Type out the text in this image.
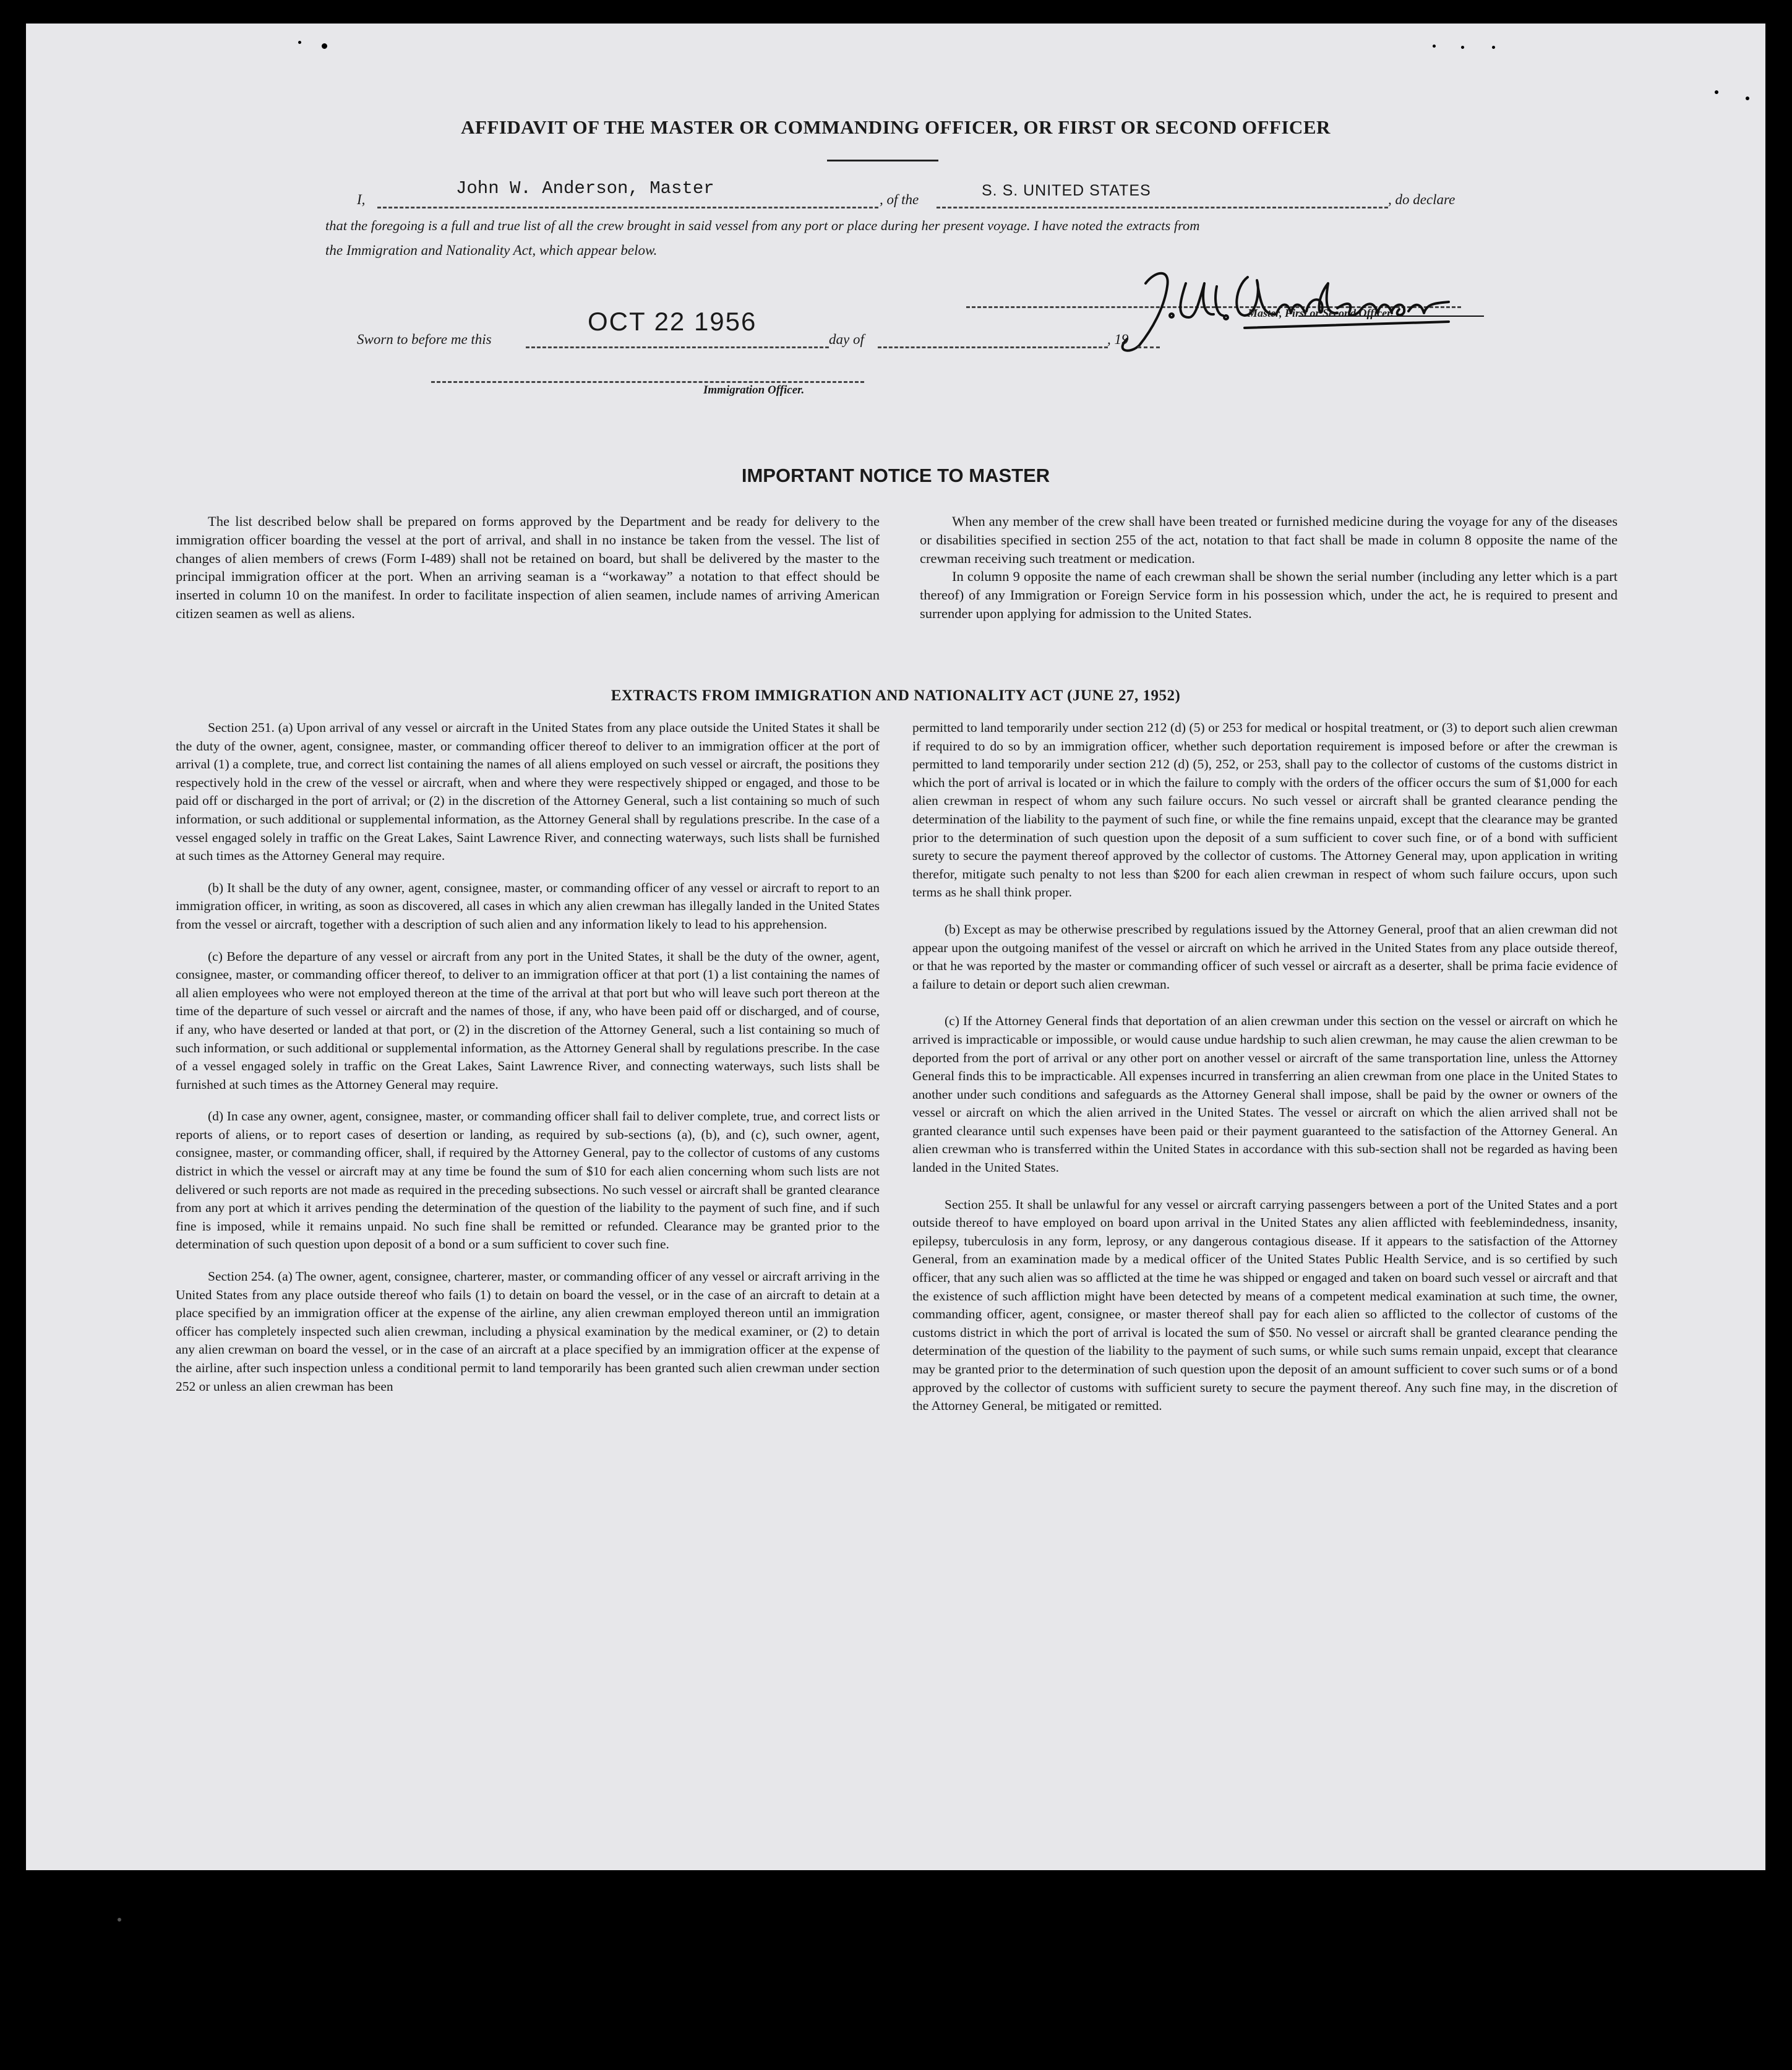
AFFIDAVIT OF THE MASTER OR COMMANDING OFFICER, OR FIRST OR SECOND OFFICER
I,
John W. Anderson, Master
, of the
S. S. UNITED STATES
, do declare
that the foregoing is a full and true list of all the crew brought in said vessel from any port or place during her present voyage. I have noted the extracts from
the Immigration and Nationality Act, which appear below.
Master, First or Second Officer.
Sworn to before me this
OCT 22 1956
day of	, 19
Immigration Officer.
IMPORTANT NOTICE TO MASTER

The list described below shall be prepared on forms approved by the Department and be ready for delivery to the immigration officer boarding the vessel at the port of arrival, and shall in no instance be taken from the vessel. The list of changes of alien members of crews (Form I-489) shall not be retained on board, but shall be delivered by the master to the principal immigration officer at the port. When an arriving seaman is a “workaway” a notation to that effect should be inserted in column 10 on the manifest. In order to facilitate inspection of alien seamen, include names of arriving American citizen seamen as well as aliens.

When any member of the crew shall have been treated or furnished medicine during the voyage for any of the diseases or disabilities specified in section 255 of the act, notation to that fact shall be made in column 8 opposite the name of the crewman receiving such treatment or medication.

In column 9 opposite the name of each crewman shall be shown the serial number (including any letter which is a part thereof) of any Immigration or Foreign Service form in his possession which, under the act, he is required to present and surrender upon applying for admission to the United States.

EXTRACTS FROM IMMIGRATION AND NATIONALITY ACT (JUNE 27, 1952)

Section 251. (a) Upon arrival of any vessel or aircraft in the United States from any place outside the United States it shall be the duty of the owner, agent, consignee, master, or commanding officer thereof to deliver to an immigration officer at the port of arrival (1) a complete, true, and correct list containing the names of all aliens employed on such vessel or aircraft, the positions they respectively hold in the crew of the vessel or aircraft, when and where they were respectively shipped or engaged, and those to be paid off or discharged in the port of arrival; or (2) in the discretion of the Attorney General, such a list containing so much of such information, or such additional or supplemental information, as the Attorney General shall by regulations prescribe. In the case of a vessel engaged solely in traffic on the Great Lakes, Saint Lawrence River, and connecting waterways, such lists shall be furnished at such times as the Attorney General may require.

(b) It shall be the duty of any owner, agent, consignee, master, or commanding officer of any vessel or aircraft to report to an immigration officer, in writing, as soon as discovered, all cases in which any alien crewman has illegally landed in the United States from the vessel or aircraft, together with a description of such alien and any information likely to lead to his apprehension.

(c) Before the departure of any vessel or aircraft from any port in the United States, it shall be the duty of the owner, agent, consignee, master, or commanding officer thereof, to deliver to an immigration officer at that port (1) a list containing the names of all alien employees who were not employed thereon at the time of the arrival at that port but who will leave such port thereon at the time of the departure of such vessel or aircraft and the names of those, if any, who have been paid off or discharged, and of course, if any, who have deserted or landed at that port, or (2) in the discretion of the Attorney General, such a list containing so much of such information, or such additional or supplemental information, as the Attorney General shall by regulations prescribe. In the case of a vessel engaged solely in traffic on the Great Lakes, Saint Lawrence River, and connecting waterways, such lists shall be furnished at such times as the Attorney General may require.

(d) In case any owner, agent, consignee, master, or commanding officer shall fail to deliver complete, true, and correct lists or reports of aliens, or to report cases of desertion or landing, as required by sub-sections (a), (b), and (c), such owner, agent, consignee, master, or commanding officer, shall, if required by the Attorney General, pay to the collector of customs of any customs district in which the vessel or aircraft may at any time be found the sum of $10 for each alien concerning whom such lists are not delivered or such reports are not made as required in the preceding subsections. No such vessel or aircraft shall be granted clearance from any port at which it arrives pending the determination of the question of the liability to the payment of such fine, and if such fine is imposed, while it remains unpaid. No such fine shall be remitted or refunded. Clearance may be granted prior to the determination of such question upon deposit of a bond or a sum sufficient to cover such fine.

Section 254. (a) The owner, agent, consignee, charterer, master, or commanding officer of any vessel or aircraft arriving in the United States from any place outside thereof who fails (1) to detain on board the vessel, or in the case of an aircraft to detain at a place specified by an immigration officer at the expense of the airline, any alien crewman employed thereon until an immigration officer has completely inspected such alien crewman, including a physical examination by the medical examiner, or (2) to detain any alien crewman on board the vessel, or in the case of an aircraft at a place specified by an immigration officer at the expense of the airline, after such inspection unless a conditional permit to land temporarily has been granted such alien crewman under section 252 or unless an alien crewman has been

permitted to land temporarily under section 212 (d) (5) or 253 for medical or hospital treatment, or (3) to deport such alien crewman if required to do so by an immigration officer, whether such deportation requirement is imposed before or after the crewman is permitted to land temporarily under section 212 (d) (5), 252, or 253, shall pay to the collector of customs of the customs district in which the port of arrival is located or in which the failure to comply with the orders of the officer occurs the sum of $1,000 for each alien crewman in respect of whom any such failure occurs. No such vessel or aircraft shall be granted clearance pending the determination of the liability to the payment of such fine, or while the fine remains unpaid, except that the clearance may be granted prior to the determination of such question upon the deposit of a sum sufficient to cover such fine, or of a bond with sufficient surety to secure the payment thereof approved by the collector of customs. The Attorney General may, upon application in writing therefor, mitigate such penalty to not less than $200 for each alien crewman in respect of whom such failure occurs, upon such terms as he shall think proper.

(b) Except as may be otherwise prescribed by regulations issued by the Attorney General, proof that an alien crewman did not appear upon the outgoing manifest of the vessel or aircraft on which he arrived in the United States from any place outside thereof, or that he was reported by the master or commanding officer of such vessel or aircraft as a deserter, shall be prima facie evidence of a failure to detain or deport such alien crewman.

(c) If the Attorney General finds that deportation of an alien crewman under this section on the vessel or aircraft on which he arrived is impracticable or impossible, or would cause undue hardship to such alien crewman, he may cause the alien crewman to be deported from the port of arrival or any other port on another vessel or aircraft of the same transportation line, unless the Attorney General finds this to be impracticable. All expenses incurred in transferring an alien crewman from one place in the United States to another under such conditions and safeguards as the Attorney General shall impose, shall be paid by the owner or owners of the vessel or aircraft on which the alien arrived in the United States. The vessel or aircraft on which the alien arrived shall not be granted clearance until such expenses have been paid or their payment guaranteed to the satisfaction of the Attorney General. An alien crewman who is transferred within the United States in accordance with this sub-section shall not be regarded as having been landed in the United States.

Section 255. It shall be unlawful for any vessel or aircraft carrying passengers between a port of the United States and a port outside thereof to have employed on board upon arrival in the United States any alien afflicted with feeblemindedness, insanity, epilepsy, tuberculosis in any form, leprosy, or any dangerous contagious disease. If it appears to the satisfaction of the Attorney General, from an examination made by a medical officer of the United States Public Health Service, and is so certified by such officer, that any such alien was so afflicted at the time he was shipped or engaged and taken on board such vessel or aircraft and that the existence of such affliction might have been detected by means of a competent medical examination at such time, the owner, commanding officer, agent, consignee, or master thereof shall pay for each alien so afflicted to the collector of customs of the customs district in which the port of arrival is located the sum of $50. No vessel or aircraft shall be granted clearance pending the determination of the question of the liability to the payment of such sums, or while such sums remain unpaid, except that clearance may be granted prior to the determination of such question upon the deposit of an amount sufficient to cover such sums or of a bond approved by the collector of customs with sufficient surety to secure the payment thereof. Any such fine may, in the discretion of the Attorney General, be mitigated or remitted.
